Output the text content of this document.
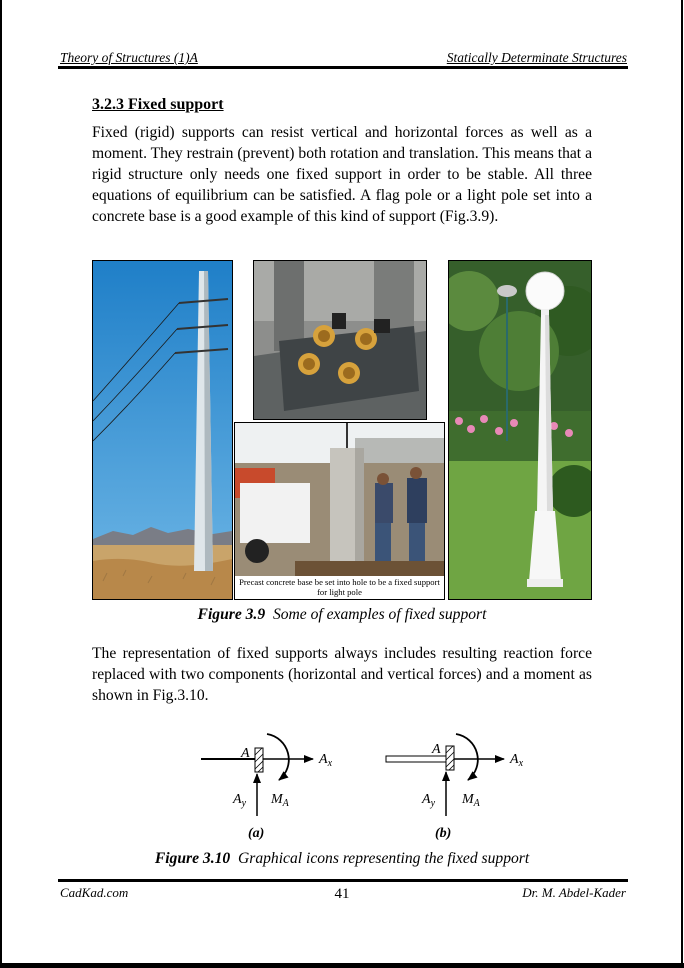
Theory of Structures (1)A	Statically Determinate Structures
3.2.3 Fixed support

Fixed (rigid) supports can resist vertical and horizontal forces as well as a moment. They restrain (prevent) both rotation and translation. This means that a rigid structure only needs one fixed support in order to be stable. All three equations of equilibrium can be satisfied. A flag pole or a light pole set into a concrete base is a good example of this kind of support (Fig.3.9).

Precast concrete base be set into hole to be a fixed support for light pole
Figure 3.9 Some of examples of fixed support

The representation of fixed supports always includes resulting reaction force replaced with two components (horizontal and vertical forces) and a moment as shown in Fig.3.10.

A	$A_x$
$A_y$ $M_A$
(a)
A
$A_x$
$A_y$ $M_A$
(b)
Figure 3.10 Graphical icons representing the fixed support
CadKad.com	41	Dr. M. Abdel-Kader
